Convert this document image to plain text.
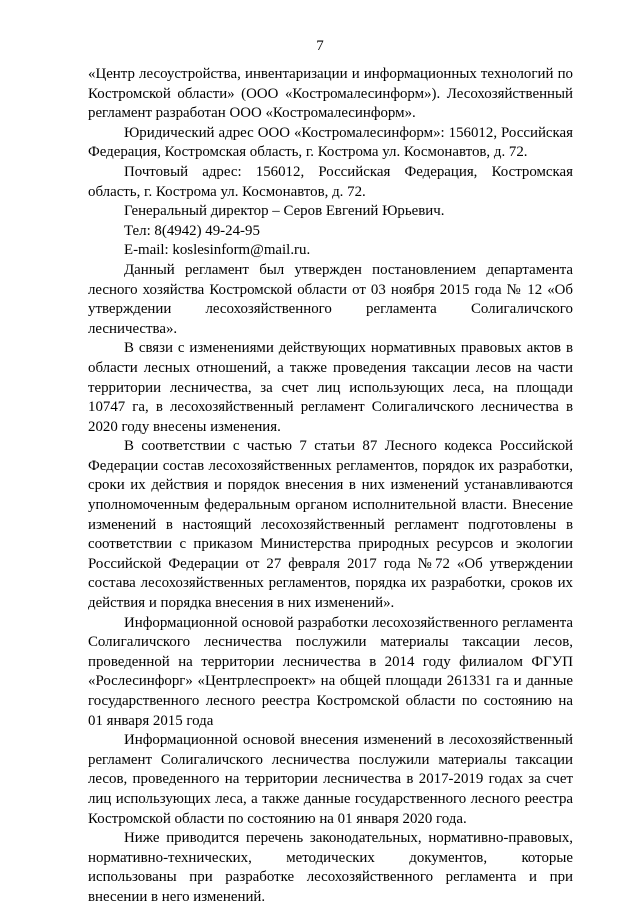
7

«Центр лесоустройства, инвентаризации и информационных технологий по Костромской области» (ООО «Костромалесинформ»). Лесохозяйственный регламент разработан ООО «Костромалесинформ».

Юридический адрес ООО «Костромалесинформ»: 156012, Российская Федерация, Костромская область, г. Кострома ул. Космонавтов, д. 72.

Почтовый адрес: 156012, Российская Федерация, Костромская область, г. Кострома ул. Космонавтов, д. 72.

Генеральный директор – Серов Евгений Юрьевич.

Тел: 8(4942) 49-24-95

E-mail: koslesinform@mail.ru.

Данный регламент был утвержден постановлением департамента лесного хозяйства Костромской области от 03 ноября 2015 года № 12 «Об утверждении лесохозяйственного регламента Солигаличского лесничества».

В связи с изменениями действующих нормативных правовых актов в области лесных отношений, а также проведения таксации лесов на части территории лесничества, за счет лиц использующих леса, на площади 10747 га, в лесохозяйственный регламент Солигаличского лесничества в 2020 году внесены изменения.

В соответствии с частью 7 статьи 87 Лесного кодекса Российской Федерации состав лесохозяйственных регламентов, порядок их разработки, сроки их действия и порядок внесения в них изменений устанавливаются уполномоченным федеральным органом исполнительной власти. Внесение изменений в настоящий лесохозяйственный регламент подготовлены в соответствии с приказом Министерства природных ресурсов и экологии Российской Федерации от 27 февраля 2017 года №72 «Об утверждении состава лесохозяйственных регламентов, порядка их разработки, сроков их действия и порядка внесения в них изменений».

Информационной основой разработки лесохозяйственного регламента Солигаличского лесничества послужили материалы таксации лесов, проведенной на территории лесничества в 2014 году филиалом ФГУП «Рослесинфорг» «Центрлеспроект» на общей площади 261331 га и данные государственного лесного реестра Костромской области по состоянию на 01 января 2015 года

Информационной основой внесения изменений в лесохозяйственный регламент Солигаличского лесничества послужили материалы таксации лесов, проведенного на территории лесничества в 2017-2019 годах за счет лиц использующих леса, а также данные государственного лесного реестра Костромской области по состоянию на 01 января 2020 года.

Ниже приводится перечень законодательных, нормативно-правовых, нормативно-технических, методических документов, которые использованы при разработке лесохозяйственного регламента и при внесении в него изменений.
